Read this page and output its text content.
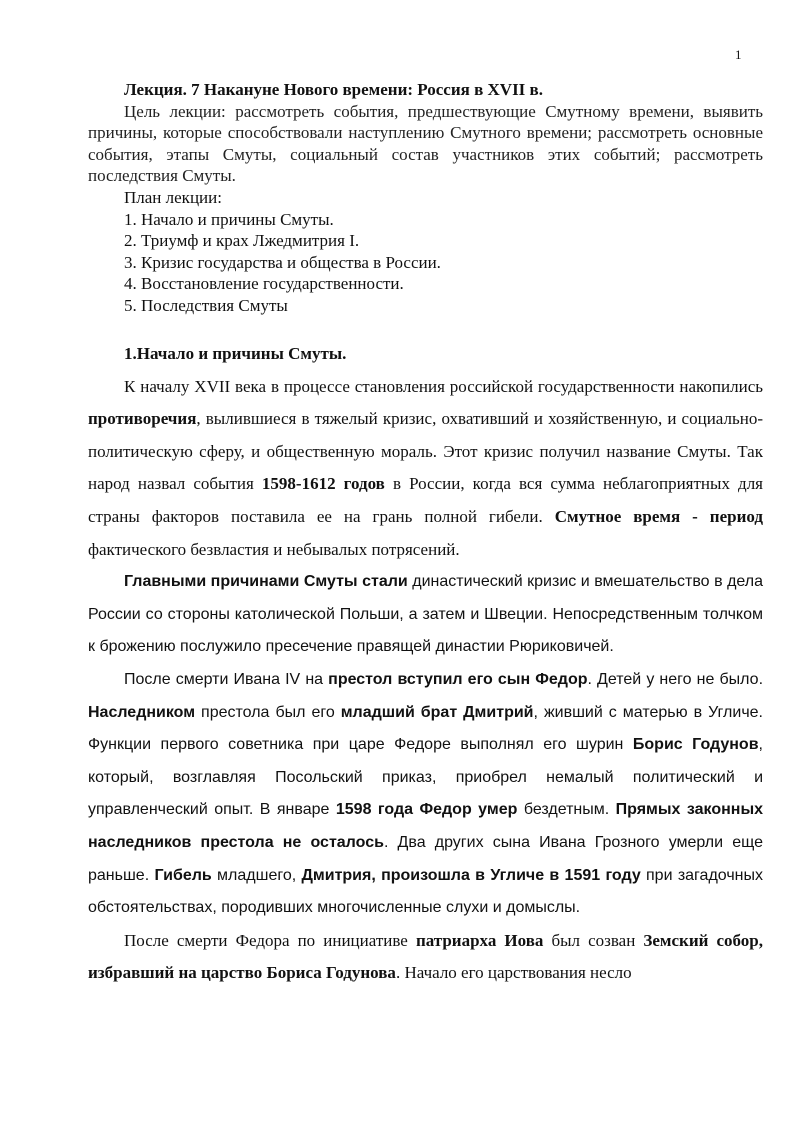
1

Лекция. 7 Накануне Нового времени: Россия в XVII в.

Цель лекции: рассмотреть события, предшествующие Смутному времени, выявить причины, которые способствовали наступлению Смутного времени; рассмотреть основные события, этапы Смуты, социальный состав участников этих событий; рассмотреть последствия Смуты.

План лекции:

1. Начало и причины Смуты.

2. Триумф и крах Лжедмитрия I.

3. Кризис государства и общества в России.

4. Восстановление государственности.

5. Последствия Смуты

1.Начало и причины Смуты.

К началу XVII века в процессе становления российской государственности накопились противоречия, вылившиеся в тяжелый кризис, охвативший и хозяйственную, и социально-политическую сферу, и общественную мораль. Этот кризис получил название Смуты. Так народ назвал события 1598-1612 годов в России, когда вся сумма неблагоприятных для страны факторов поставила ее на грань полной гибели. Смутное время - период фактического безвластия и небывалых потрясений.

Главными причинами Смуты стали династический кризис и вмешательство в дела России со стороны католической Польши, а затем и Швеции. Непосредственным толчком к брожению послужило пресечение правящей династии Рюриковичей.

После смерти Ивана IV на престол вступил его сын Федор. Детей у него не было. Наследником престола был его младший брат Дмитрий, живший с матерью в Угличе. Функции первого советника при царе Федоре выполнял его шурин Борис Годунов, который, возглавляя Посольский приказ, приобрел немалый политический и управленческий опыт. В январе 1598 года Федор умер бездетным. Прямых законных наследников престола не осталось. Два других сына Ивана Грозного умерли еще раньше. Гибель младшего, Дмитрия, произошла в Угличе в 1591 году при загадочных обстоятельствах, породивших многочисленные слухи и домыслы.

После смерти Федора по инициативе патриарха Иова был созван Земский собор, избравший на царство Бориса Годунова. Начало его царствования несло
